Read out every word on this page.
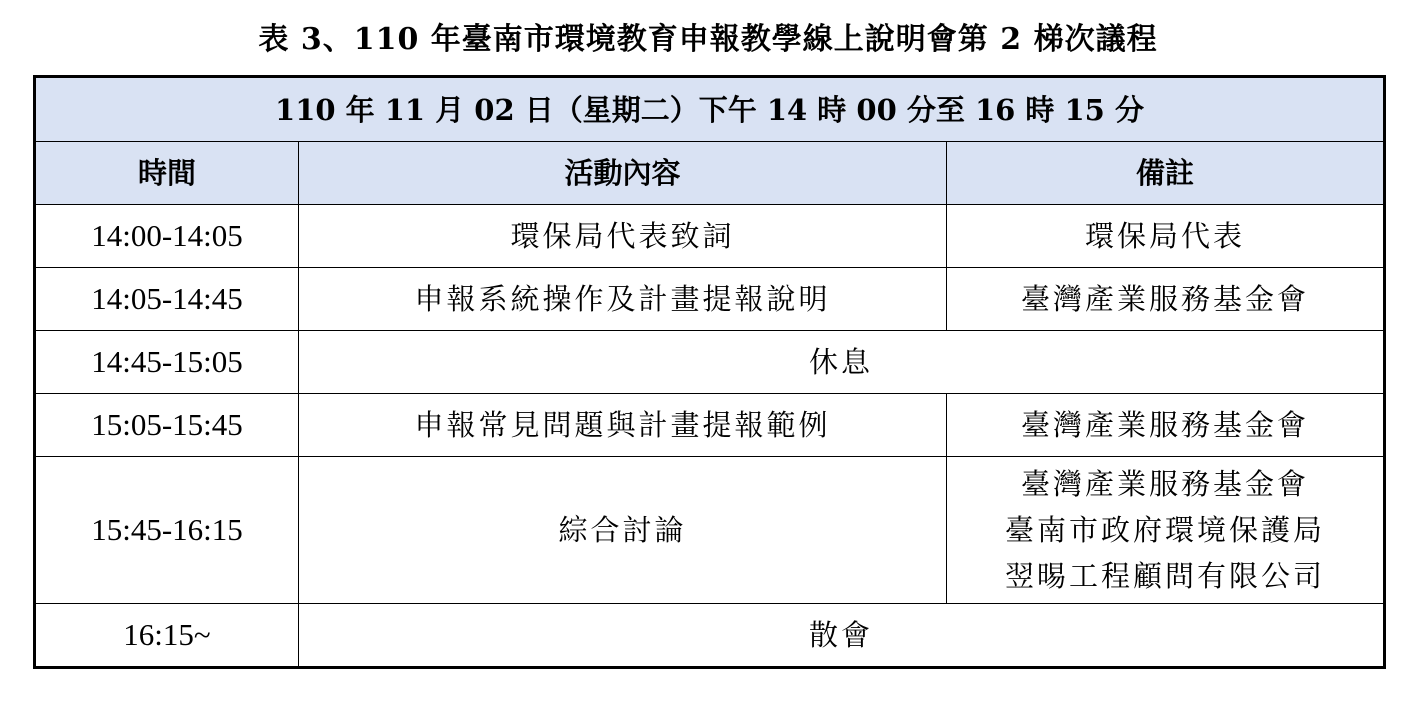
表 3、110 年臺南市環境教育申報教學線上說明會第 2 梯次議程
110 年 11 月 02 日（星期二）下午 14 時 00 分至 16 時 15 分		
時間	活動內容	備註
14:00-14:05	環保局代表致詞	環保局代表

14:05-14:45	申報系統操作及計畫提報說明	臺灣產業服務基金會

14:45-15:05	休息	
15:05-15:45	申報常見問題與計畫提報範例	臺灣產業服務基金會

15:45-16:15	綜合討論	臺灣產業服務基金會
臺南市政府環境保護局
翌晹工程顧問有限公司

16:15~	散會	
